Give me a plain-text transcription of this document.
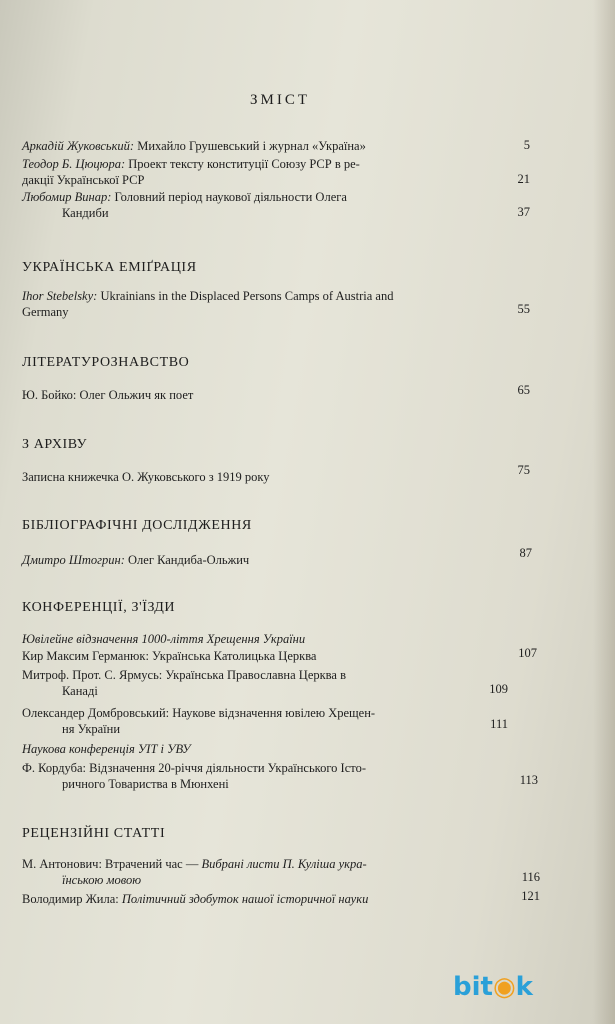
ЗМІСТ
Аркадій Жуковський: Михайло Грушевський і журнал «Україна»	5
Теодор Б. Цюцюра: Проект тексту конституції Союзу РСР в ре-
дакції Української РСР	21
Любомир Винар: Головний період наукової діяльности Олега
Кандиби	37
УКРАЇНСЬКА ЕМІҐРАЦІЯ
Ihor Stebelsky: Ukrainians in the Displaced Persons Camps of Austria and
Germany	55
ЛІТЕРАТУРОЗНАВСТВО
Ю. Бойко: Олег Ольжич як поет	65
З АРХІВУ
Записна книжечка О. Жуковського з 1919 року	75
БІБЛІОГРАФІЧНІ ДОСЛІДЖЕННЯ
Дмитро Штогрин: Олег Кандиба-Ольжич	87
КОНФЕРЕНЦІЇ, З'ЇЗДИ
Ювілейне відзначення 1000-ліття Хрещення України
Кир Максим Германюк: Українська Католицька Церква	107
Митроф. Прот. С. Ярмусь: Українська Православна Церква в
Канаді	109
Олександер Домбровський: Наукове відзначення ювілею Хрещен-
ня України	111
Наукова конференція УІТ і УВУ
Ф. Кордуба: Відзначення 20-річчя діяльности Українського Істо-
ричного Товариства в Мюнхені	113
РЕЦЕНЗІЙНІ СТАТТІ
М. Антонович: Втрачений час — Вибрані листи П. Куліша укра-
їнською мовою	116
Володимир Жила: Політичний здобуток нашої історичної науки	121
bit◉k
